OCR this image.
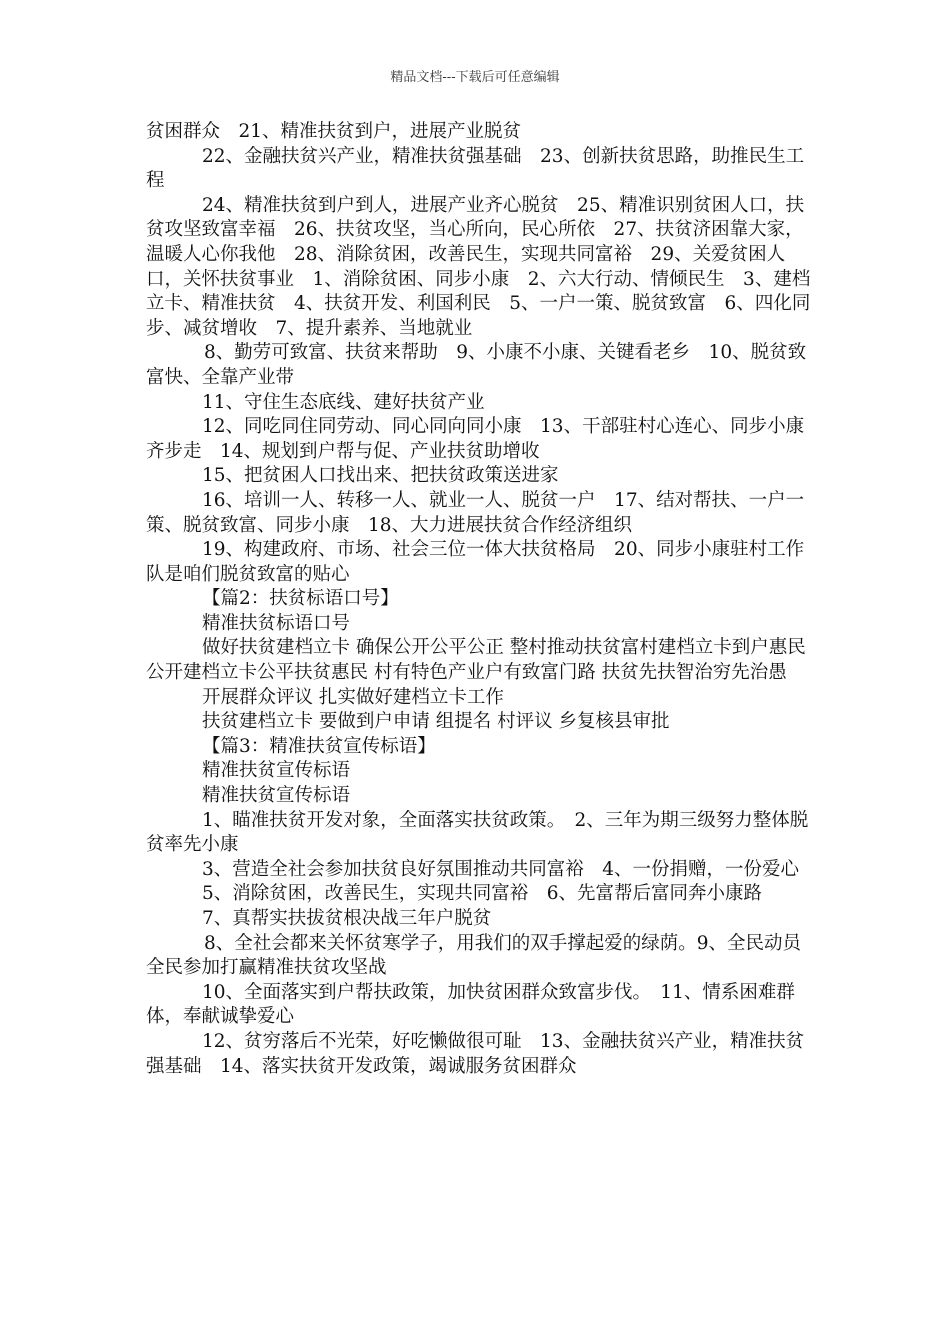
精品文档---下载后可任意编辑

贫困群众　21、精准扶贫到户，进展产业脱贫

22、金融扶贫兴产业，精准扶贫强基础　23、创新扶贫思路，助推民生工程

24、精准扶贫到户到人，进展产业齐心脱贫　25、精准识别贫困人口，扶贫攻坚致富幸福　26、扶贫攻坚，当心所向，民心所依　27、扶贫济困靠大家，温暖人心你我他　28、消除贫困，改善民生，实现共同富裕　29、关爱贫困人口，关怀扶贫事业　1、消除贫困、同步小康　2、六大行动、情倾民生　3、建档立卡、精准扶贫　4、扶贫开发、利国利民　5、一户一策、脱贫致富　6、四化同步、减贫增收　7、提升素养、当地就业

8、勤劳可致富、扶贫来帮助　9、小康不小康、关键看老乡　10、脱贫致富快、全靠产业带

11、守住生态底线、建好扶贫产业

12、同吃同住同劳动、同心同向同小康　13、干部驻村心连心、同步小康齐步走　14、规划到户帮与促、产业扶贫助增收

15、把贫困人口找出来、把扶贫政策送进家

16、培训一人、转移一人、就业一人、脱贫一户　17、结对帮扶、一户一策、脱贫致富、同步小康　18、大力进展扶贫合作经济组织

19、构建政府、市场、社会三位一体大扶贫格局　20、同步小康驻村工作队是咱们脱贫致富的贴心

【篇2：扶贫标语口号】

精准扶贫标语口号

做好扶贫建档立卡 确保公开公平公正 整村推动扶贫富村建档立卡到户惠民 公开建档立卡公平扶贫惠民 村有特色产业户有致富门路 扶贫先扶智治穷先治愚

开展群众评议 扎实做好建档立卡工作

扶贫建档立卡 要做到户申请 组提名 村评议 乡复核县审批

【篇3：精准扶贫宣传标语】

精准扶贫宣传标语

精准扶贫宣传标语

1、瞄准扶贫开发对象，全面落实扶贫政策。　2、三年为期三级努力整体脱贫率先小康

3、营造全社会参加扶贫良好氛围推动共同富裕　4、一份捐赠，一份爱心

5、消除贫困，改善民生，实现共同富裕　6、先富帮后富同奔小康路

7、真帮实扶拔贫根决战三年户脱贫

8、全社会都来关怀贫寒学子，用我们的双手撑起爱的绿荫。9、全民动员全民参加打赢精准扶贫攻坚战

10、全面落实到户帮扶政策，加快贫困群众致富步伐。　11、情系困难群体，奉献诚挚爱心

12、贫穷落后不光荣，好吃懒做很可耻　13、金融扶贫兴产业，精准扶贫强基础　14、落实扶贫开发政策，竭诚服务贫困群众
